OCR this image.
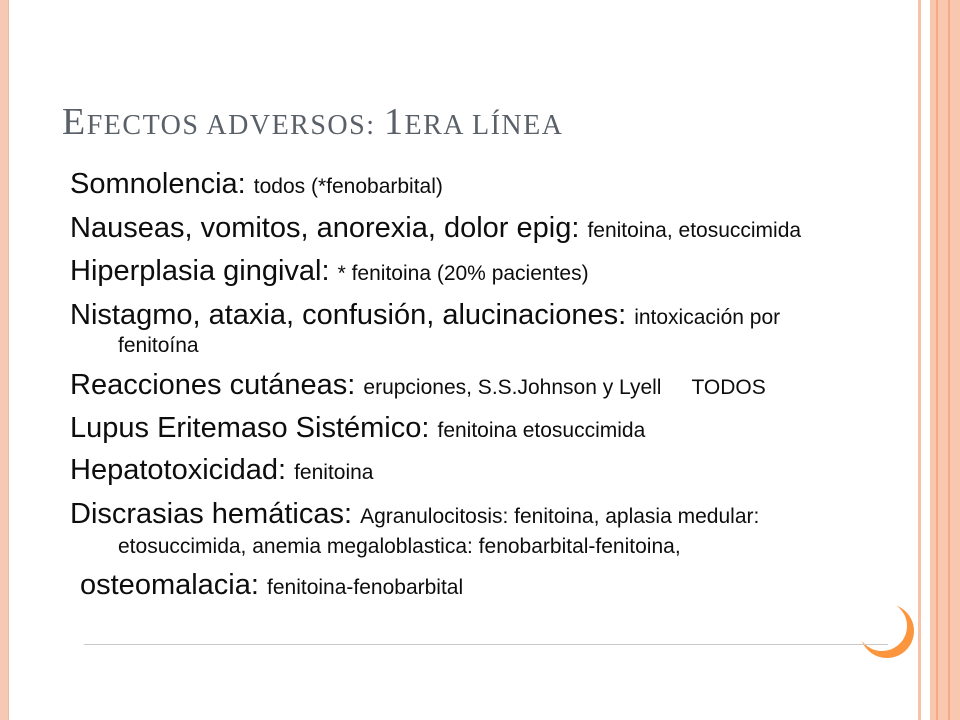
EFECTOS ADVERSOS: 1ERA LÍNEA
Somnolencia: todos (*fenobarbital)
Nauseas, vomitos, anorexia, dolor epig: fenitoina, etosuccimida
Hiperplasia gingival: * fenitoina (20% pacientes)
Nistagmo, ataxia, confusión, alucinaciones: intoxicación por
fenitoína
Reacciones cutáneas: erupciones, S.S.Johnson y Lyell TODOS
Lupus Eritemaso Sistémico: fenitoina etosuccimida
Hepatotoxicidad: fenitoina
Discrasias hemáticas: Agranulocitosis: fenitoina, aplasia medular:
etosuccimida, anemia megaloblastica: fenobarbital-fenitoina,
osteomalacia: fenitoina-fenobarbital
